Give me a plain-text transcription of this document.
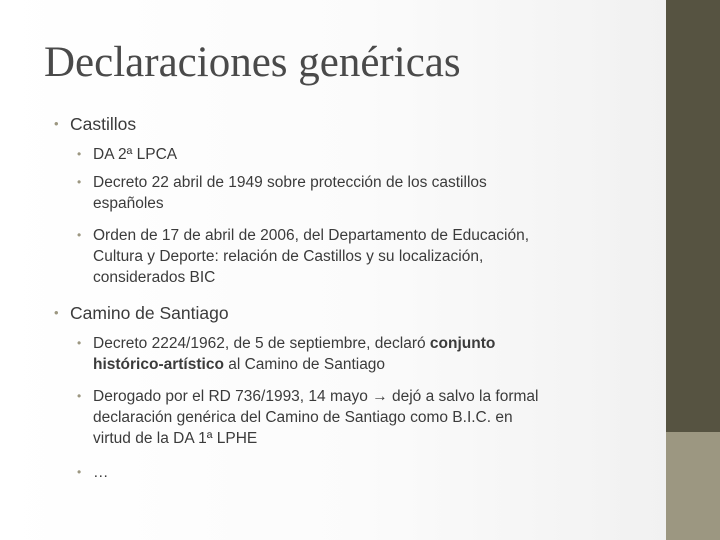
Declaraciones genéricas
• Castillos
• DA 2ª LPCA
• Decreto 22 abril de 1949 sobre protección de los castillos
españoles
• Orden de 17 de abril de 2006, del Departamento de Educación,
Cultura y Deporte: relación de Castillos y su localización,
considerados BIC
• Camino de Santiago
• Decreto 2224/1962, de 5 de septiembre, declaró conjunto
histórico-artístico al Camino de Santiago
• Derogado por el RD 736/1993, 14 mayo → dejó a salvo la formal
declaración genérica del Camino de Santiago como B.I.C. en
virtud de la DA 1ª LPHE
• …
